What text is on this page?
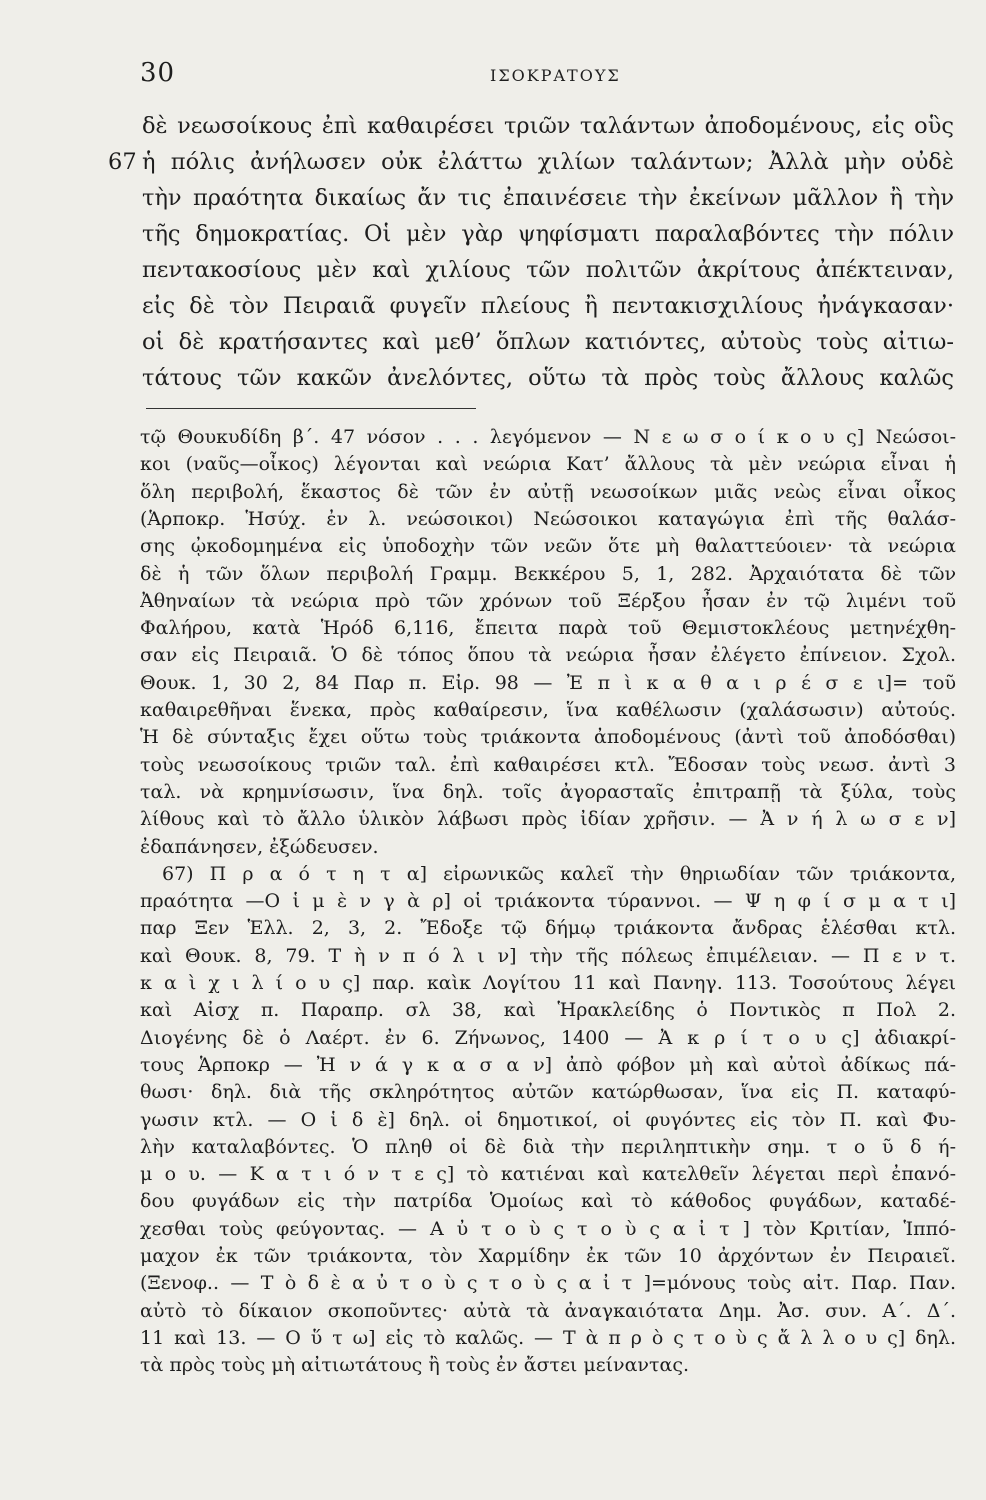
30	ΙΣΟΚΡΑΤΟΥΣ
67
δὲ νεωσοίκους ἐπὶ καθαιρέσει τριῶν ταλάντων ἀποδομένους, εἰς οὓς
ἡ πόλις ἀνήλωσεν οὐκ ἐλάττω χιλίων ταλάντων; Ἀλλὰ μὴν οὐδὲ
τὴν πραότητα δικαίως ἄν τις ἐπαινέσειε τὴν ἐκείνων μᾶλλον ἢ τὴν
τῆς δημοκρατίας. Οἱ μὲν γὰρ ψηφίσματι παραλαβόντες τὴν πόλιν
πεντακοσίους μὲν καὶ χιλίους τῶν πολιτῶν ἀκρίτους ἀπέκτειναν,
εἰς δὲ τὸν Πειραιᾶ φυγεῖν πλείους ἢ πεντακισχιλίους ἠνάγκασαν·
οἱ δὲ κρατήσαντες καὶ μεθ’ ὅπλων κατιόντες, αὐτοὺς τοὺς αἰτιω-
τάτους τῶν κακῶν ἀνελόντες, οὕτω τὰ πρὸς τοὺς ἄλλους καλῶς
τῷ Θουκυδίδη β΄. 47 νόσον . . . λεγόμενον — Ν ε ω σ ο ί κ ο υ ς] Νεώσοι-
κοι (ναῦς—οἶκος) λέγονται καὶ νεώρια Κατ’ ἄλλους τὰ μὲν νεώρια εἶναι ἡ
ὅλη περιβολή, ἕκαστος δὲ τῶν ἐν αὐτῇ νεωσοίκων μιᾶς νεὼς εἶναι οἶκος
(Ἁρποκρ. Ἡσύχ. ἐν λ. νεώσοικοι) Νεώσοικοι καταγώγια ἐπὶ τῆς θαλάσ-
σης ᾠκοδομημένα εἰς ὑποδοχὴν τῶν νεῶν ὅτε μὴ θαλαττεύοιεν· τὰ νεώρια
δὲ ἡ τῶν ὅλων περιβολή Γραμμ. Βεκκέρου 5, 1, 282. Ἀρχαιότατα δὲ τῶν
Ἀθηναίων τὰ νεώρια πρὸ τῶν χρόνων τοῦ Ξέρξου ἦσαν ἐν τῷ λιμένι τοῦ
Φαλήρου, κατὰ Ἡρόδ 6,116, ἔπειτα παρὰ τοῦ Θεμιστοκλέους μετηνέχθη-
σαν εἰς Πειραιᾶ. Ὁ δὲ τόπος ὅπου τὰ νεώρια ἦσαν ἐλέγετο ἐπίνειον. Σχολ.
Θουκ. 1, 30 2, 84 Παρ π. Εἰρ. 98 — Ἐ π ὶ κ α θ α ι ρ έ σ ε ι]= τοῦ
καθαιρεθῆναι ἕνεκα, πρὸς καθαίρεσιν, ἵνα καθέλωσιν (χαλάσωσιν) αὐτούς.
Ἡ δὲ σύνταξις ἔχει οὕτω τοὺς τριάκοντα ἀποδομένους (ἀντὶ τοῦ ἀποδόσθαι)
τοὺς νεωσοίκους τριῶν ταλ. ἐπὶ καθαιρέσει κτλ. Ἔδοσαν τοὺς νεωσ. ἀντὶ 3
ταλ. νὰ κρημνίσωσιν, ἵνα δηλ. τοῖς ἀγορασταῖς ἐπιτραπῇ τὰ ξύλα, τοὺς
λίθους καὶ τὸ ἄλλο ὑλικὸν λάβωσι πρὸς ἰδίαν χρῆσιν. — Ἀ ν ή λ ω σ ε ν]
ἐδαπάνησεν, ἐξώδευσεν.
67) Π ρ α ό τ η τ α] εἰρωνικῶς καλεῖ τὴν θηριωδίαν τῶν τριάκοντα,
πραότητα —Ο ἱ μ ὲ ν γ ὰ ρ] οἱ τριάκοντα τύραννοι. — Ψ η φ ί σ μ α τ ι]
παρ Ξεν Ἑλλ. 2, 3, 2. Ἔδοξε τῷ δήμῳ τριάκοντα ἄνδρας ἑλέσθαι κτλ.
καὶ Θουκ. 8, 79. Τ ὴ ν π ό λ ι ν] τὴν τῆς πόλεως ἐπιμέλειαν. — Π ε ν τ.
κ α ὶ χ ι λ ί ο υ ς] παρ. καὶκ Λογίτου 11 καὶ Πανηγ. 113. Τοσούτους λέγει
καὶ Αἰσχ π. Παραπρ. σλ 38, καὶ Ἡρακλείδης ὁ Ποντικὸς π Πολ 2.
Διογένης δὲ ὁ Λαέρτ. ἐν 6. Ζήνωνος, 1400 — Ἀ κ ρ ί τ ο υ ς] ἀδιακρί-
τους Ἁρποκρ — Ἠ ν ά γ κ α σ α ν] ἀπὸ φόβον μὴ καὶ αὐτοὶ ἀδίκως πά-
θωσι· δηλ. διὰ τῆς σκληρότητος αὐτῶν κατώρθωσαν, ἵνα εἰς Π. καταφύ-
γωσιν κτλ. — Ο ἱ δ ὲ] δηλ. οἱ δημοτικοί, οἱ φυγόντες εἰς τὸν Π. καὶ Φυ-
λὴν καταλαβόντες. Ὁ πληθ οἱ δὲ διὰ τὴν περιληπτικὴν σημ. τ ο ῦ δ ή-
μ ο υ. — Κ α τ ι ό ν τ ε ς] τὸ κατιέναι καὶ κατελθεῖν λέγεται περὶ ἐπανό-
δου φυγάδων εἰς τὴν πατρίδα Ὁμοίως καὶ τὸ κάθοδος φυγάδων, καταδέ-
χεσθαι τοὺς φεύγοντας. — Α ὐ τ ο ὺ ς τ ο ὺ ς α ἰ τ ] τὸν Κριτίαν, Ἱππό-
μαχον ἐκ τῶν τριάκοντα, τὸν Χαρμίδην ἐκ τῶν 10 ἀρχόντων ἐν Πειραιεῖ.
(Ξενοφ.. — Τ ὸ δ ὲ α ὐ τ ο ὺ ς τ ο ὺ ς α ἰ τ ]=μόνους τοὺς αἰτ. Παρ. Παν.
αὐτὸ τὸ δίκαιον σκοποῦντες· αὐτὰ τὰ ἀναγκαιότατα Δημ. Ἀσ. συν. Α΄. Δ΄.
11 καὶ 13. — Ο ὕ τ ω] εἰς τὸ καλῶς. — Τ ὰ π ρ ὸ ς τ ο ὺ ς ἄ λ λ ο υ ς] δηλ.
τὰ πρὸς τοὺς μὴ αἰτιωτάτους ἢ τοὺς ἐν ἄστει μείναντας.
